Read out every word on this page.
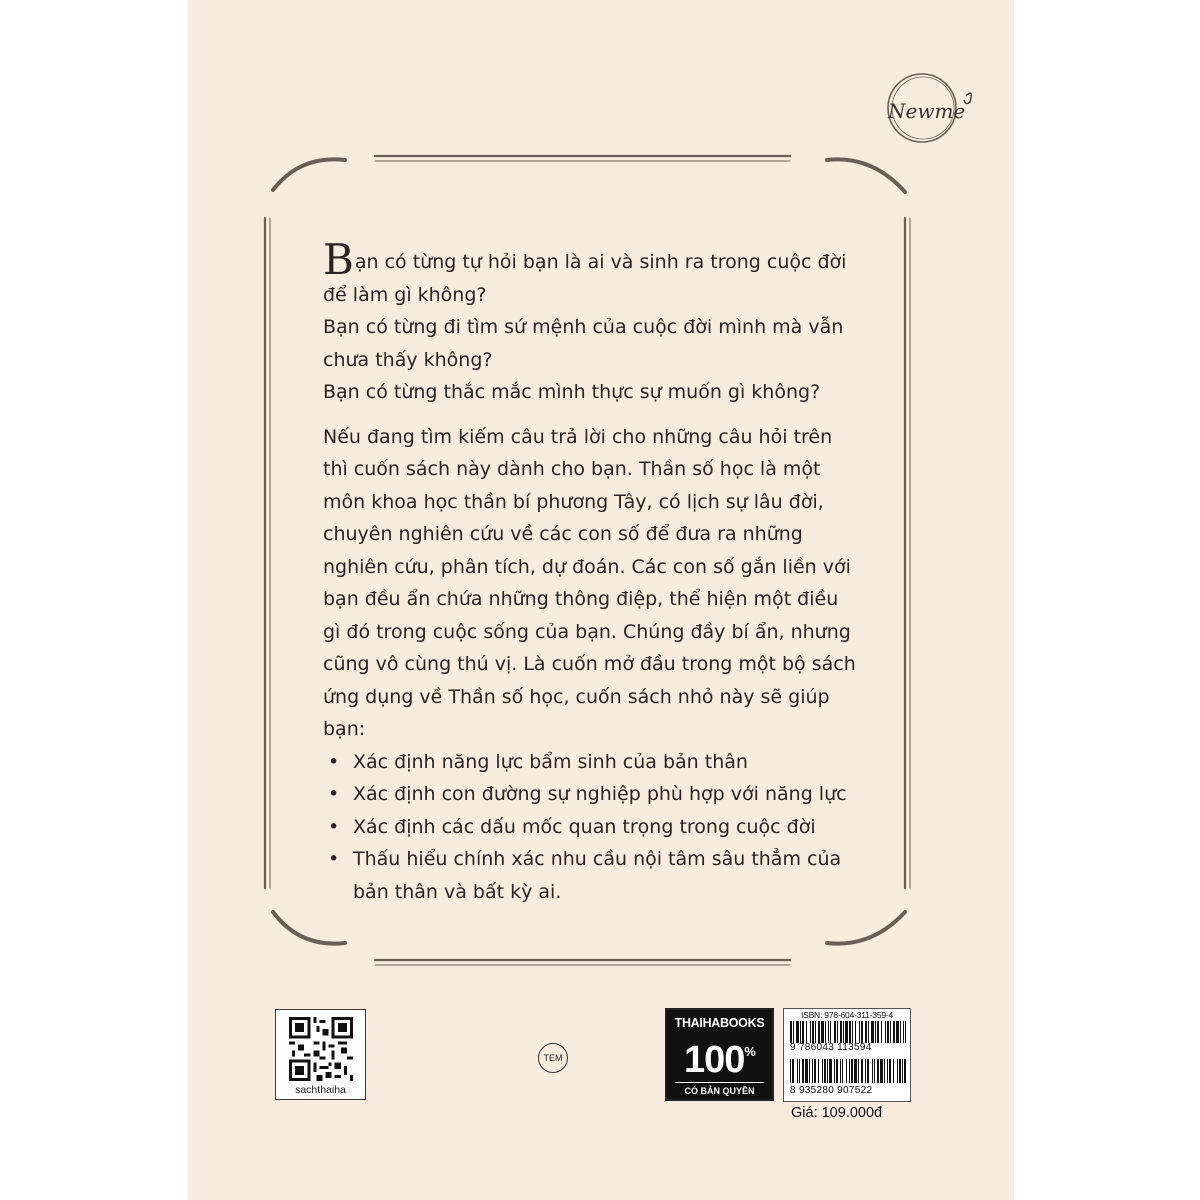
Newme

Bạn có từng tự hỏi bạn là ai và sinh ra trong cuộc đời để làm gì không?

Bạn có từng đi tìm sứ mệnh của cuộc đời mình mà vẫn chưa thấy không?

Bạn có từng thắc mắc mình thực sự muốn gì không?

Nếu đang tìm kiếm câu trả lời cho những câu hỏi trên thì cuốn sách này dành cho bạn. Thần số học là một môn khoa học thần bí phương Tây, có lịch sự lâu đời, chuyên nghiên cứu về các con số để đưa ra những nghiên cứu, phân tích, dự đoán. Các con số gắn liền với bạn đều ẩn chứa những thông điệp, thể hiện một điều gì đó trong cuộc sống của bạn. Chúng đầy bí ẩn, nhưng cũng vô cùng thú vị. Là cuốn mở đầu trong một bộ sách ứng dụng về Thần số học, cuốn sách nhỏ này sẽ giúp bạn:

• Xác định năng lực bẩm sinh của bản thân
• Xác định con đường sự nghiệp phù hợp với năng lực
• Xác định các dấu mốc quan trọng trong cuộc đời
• Thấu hiểu chính xác nhu cầu nội tâm sâu thẳm của bản thân và bất kỳ ai.
sachthaiha
TEM
THAIHABOOKS
100%
CÓ BẢN QUYỀN
ISBN: 978-604-311-359-4
9 786043 113594
8 935280 907522
Giá: 109.000đ
